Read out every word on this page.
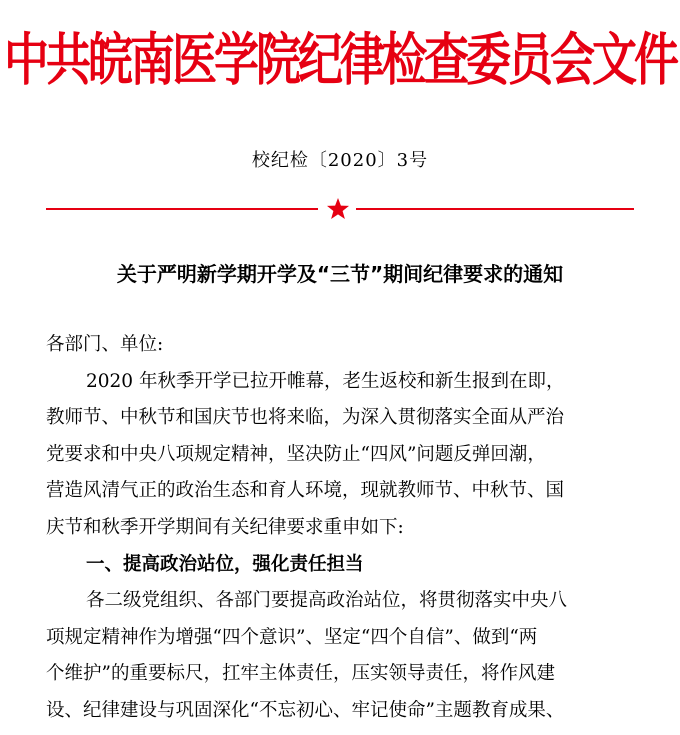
中共皖南医学院纪律检查委员会文件
校纪检〔2020〕3号
关于严明新学期开学及“三节”期间纪律要求的通知
各部门、单位:
2020 年秋季开学已拉开帷幕，老生返校和新生报到在即，
教师节、中秋节和国庆节也将来临，为深入贯彻落实全面从严治
党要求和中央八项规定精神，坚决防止“四风”问题反弹回潮，
营造风清气正的政治生态和育人环境，现就教师节、中秋节、国
庆节和秋季开学期间有关纪律要求重申如下:
一、提高政治站位，强化责任担当
各二级党组织、各部门要提高政治站位，将贯彻落实中央八
项规定精神作为增强“四个意识”、坚定“四个自信”、做到“两
个维护”的重要标尺，扛牢主体责任，压实领导责任，将作风建
设、纪律建设与巩固深化“不忘初心、牢记使命”主题教育成果、
